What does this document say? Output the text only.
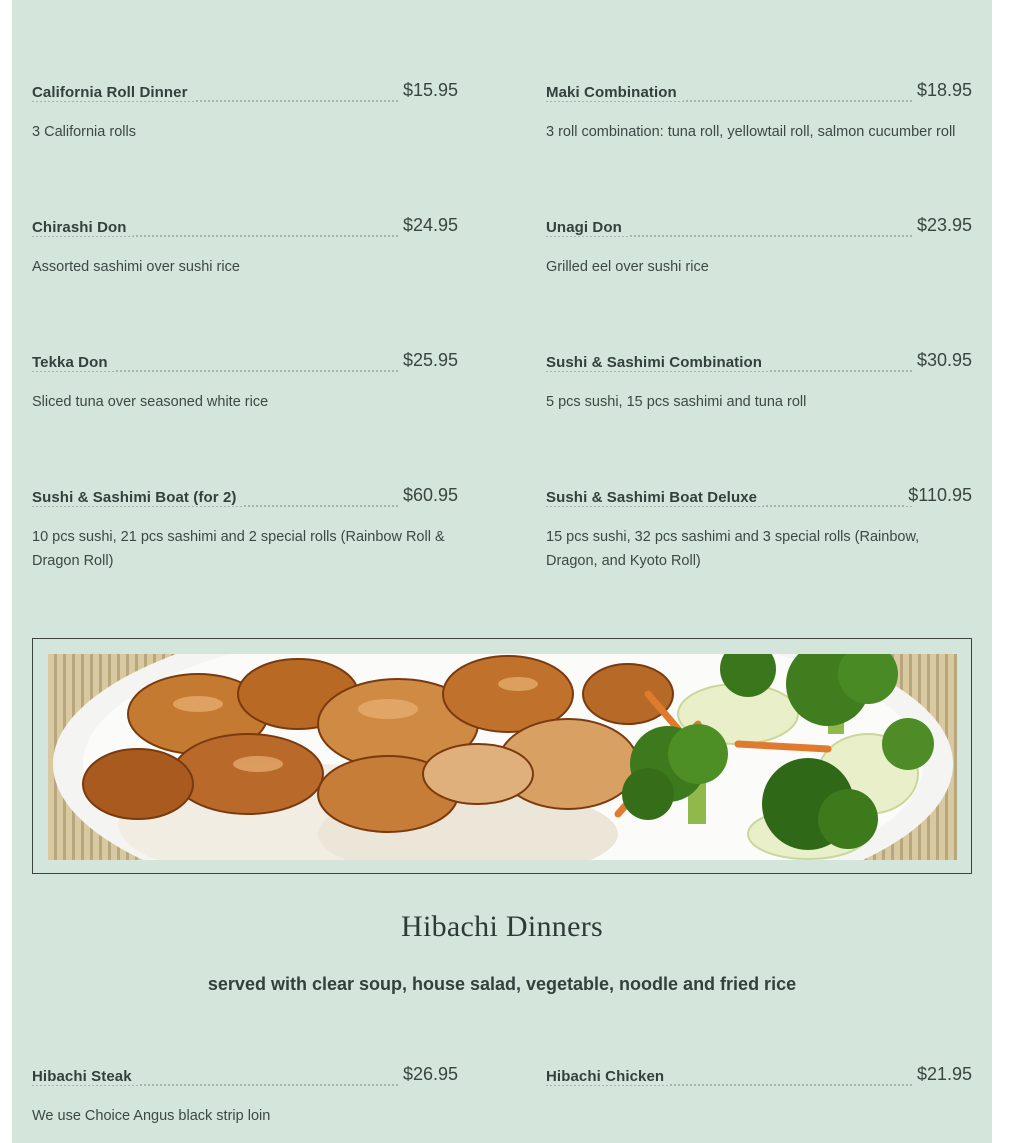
California Roll Dinner	$15.95
3 California rolls
Maki Combination	$18.95
3 roll combination: tuna roll, yellowtail roll, salmon cucumber roll
Chirashi Don	$24.95
Assorted sashimi over sushi rice
Unagi Don	$23.95
Grilled eel over sushi rice
Tekka Don	$25.95
Sliced tuna over seasoned white rice
Sushi & Sashimi Combination	$30.95
5 pcs sushi, 15 pcs sashimi and tuna roll
Sushi & Sashimi Boat (for 2)	$60.95
10 pcs sushi, 21 pcs sashimi and 2 special rolls (Rainbow Roll & Dragon Roll)
Sushi & Sashimi Boat Deluxe	$110.95
15 pcs sushi, 32 pcs sashimi and 3 special rolls (Rainbow, Dragon, and Kyoto Roll)
Hibachi Dinners
served with clear soup, house salad, vegetable, noodle and fried rice
Hibachi Steak	$26.95
We use Choice Angus black strip loin
Hibachi Chicken	$21.95
